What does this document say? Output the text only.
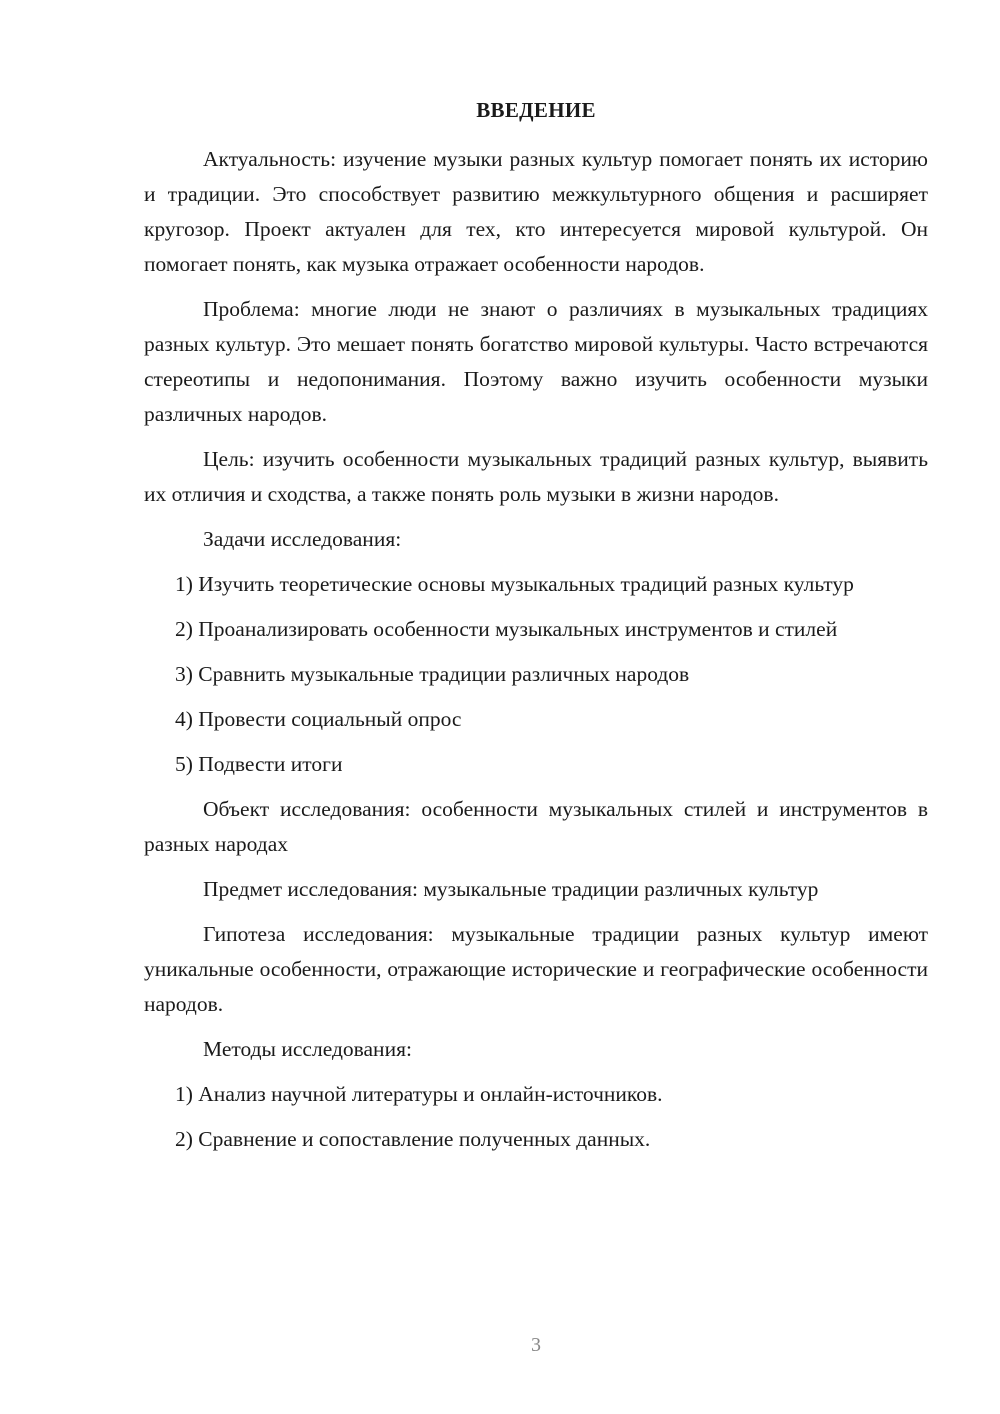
ВВЕДЕНИЕ

Актуальность: изучение музыки разных культур помогает понять их историю и традиции. Это способствует развитию межкультурного общения и расширяет кругозор. Проект актуален для тех, кто интересуется мировой культурой. Он помогает понять, как музыка отражает особенности народов.

Проблема: многие люди не знают о различиях в музыкальных традициях разных культур. Это мешает понять богатство мировой культуры. Часто встречаются стереотипы и недопонимания. Поэтому важно изучить особенности музыки различных народов.

Цель: изучить особенности музыкальных традиций разных культур, выявить их отличия и сходства, а также понять роль музыки в жизни народов.

Задачи исследования:

1) Изучить теоретические основы музыкальных традиций разных культур

2) Проанализировать особенности музыкальных инструментов и стилей

3) Сравнить музыкальные традиции различных народов

4) Провести социальный опрос

5) Подвести итоги

Объект исследования: особенности музыкальных стилей и инструментов в разных народах

Предмет исследования: музыкальные традиции различных культур

Гипотеза исследования: музыкальные традиции разных культур имеют уникальные особенности, отражающие исторические и географические особенности народов.

Методы исследования:

1) Анализ научной литературы и онлайн-источников.

2) Сравнение и сопоставление полученных данных.

3
